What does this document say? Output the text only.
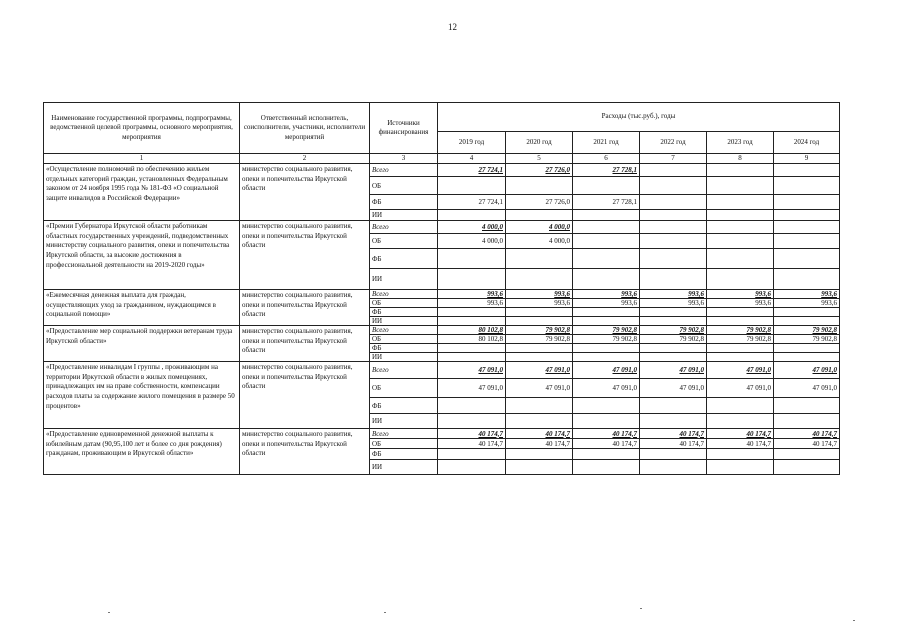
12
Наименование государственной программы, подпрограммы, ведомственной целевой программы, основного мероприятия, мероприятия	Ответственный исполнитель, соисполнители, участники, исполнители мероприятий	Источники финансирования	Расходы (тыс.руб.), годы					
			2019 год	2020 год	2021 год	2022 год	2023 год	2024 год
1	2	3	4	5	6	7	8	9
«Осуществление полномочий по обеспечению жильем отдельных категорий граждан, установленных Федеральным законом от 24 ноября 1995 года № 181-ФЗ «О социальной защите инвалидов в Российской Федерации»	министерство социального развития, опеки и попечительства Иркутской области	Всего	27 724,1	27 726,0	27 728,1			
		ОБ						
		ФБ	27 724,1	27 726,0	27 728,1			
		ИИ						
«Премии Губернатора Иркутской области работникам областных государственных учреждений, подведомственных министерству социального развития, опеки и попечительства Иркутской области, за высокие достижения в профессиональной деятельности на 2019-2020 годы»	министерство социального развития, опеки и попечительства Иркутской области	Всего	4 000,0	4 000,0				
		ОБ	4 000,0	4 000,0				
		ФБ						
		ИИ						
«Ежемесячная денежная выплата для граждан, осуществляющих уход за гражданином, нуждающимся в социальной помощи»	министерство социального развития, опеки и попечительства Иркутской области	Всего	993,6	993,6	993,6	993,6	993,6	993,6
		ОБ	993,6	993,6	993,6	993,6	993,6	993,6
		ФБ						
		ИИ						
«Предоставление мер социальной поддержки ветеранам труда Иркутской области»	министерство социального развития, опеки и попечительства Иркутской области	Всего	80 102,8	79 902,8	79 902,8	79 902,8	79 902,8	79 902,8
		ОБ	80 102,8	79 902,8	79 902,8	79 902,8	79 902,8	79 902,8
		ФБ						
		ИИ						
«Предоставление инвалидам I группы , проживающим на территории Иркутской области в жилых помещениях, принадлежащих им на праве собственности, компенсации расходов платы за содержание жилого помещения в размере 50 процентов»	министерство социального развития, опеки и попечительства Иркутской области	Всего	47 091,0	47 091,0	47 091,0	47 091,0	47 091,0	47 091,0
		ОБ	47 091,0	47 091,0	47 091,0	47 091,0	47 091,0	47 091,0
		ФБ						
		ИИ						
«Предоставление единовременной денежной выплаты к юбилейным датам (90,95,100 лет и более со дня рождения) гражданам, проживающим в Иркутской области»	министерство социального развития, опеки и попечительства Иркутской области	Всего	40 174,7	40 174,7	40 174,7	40 174,7	40 174,7	40 174,7
		ОБ	40 174,7	40 174,7	40 174,7	40 174,7	40 174,7	40 174,7
		ФБ						
		ИИ						
